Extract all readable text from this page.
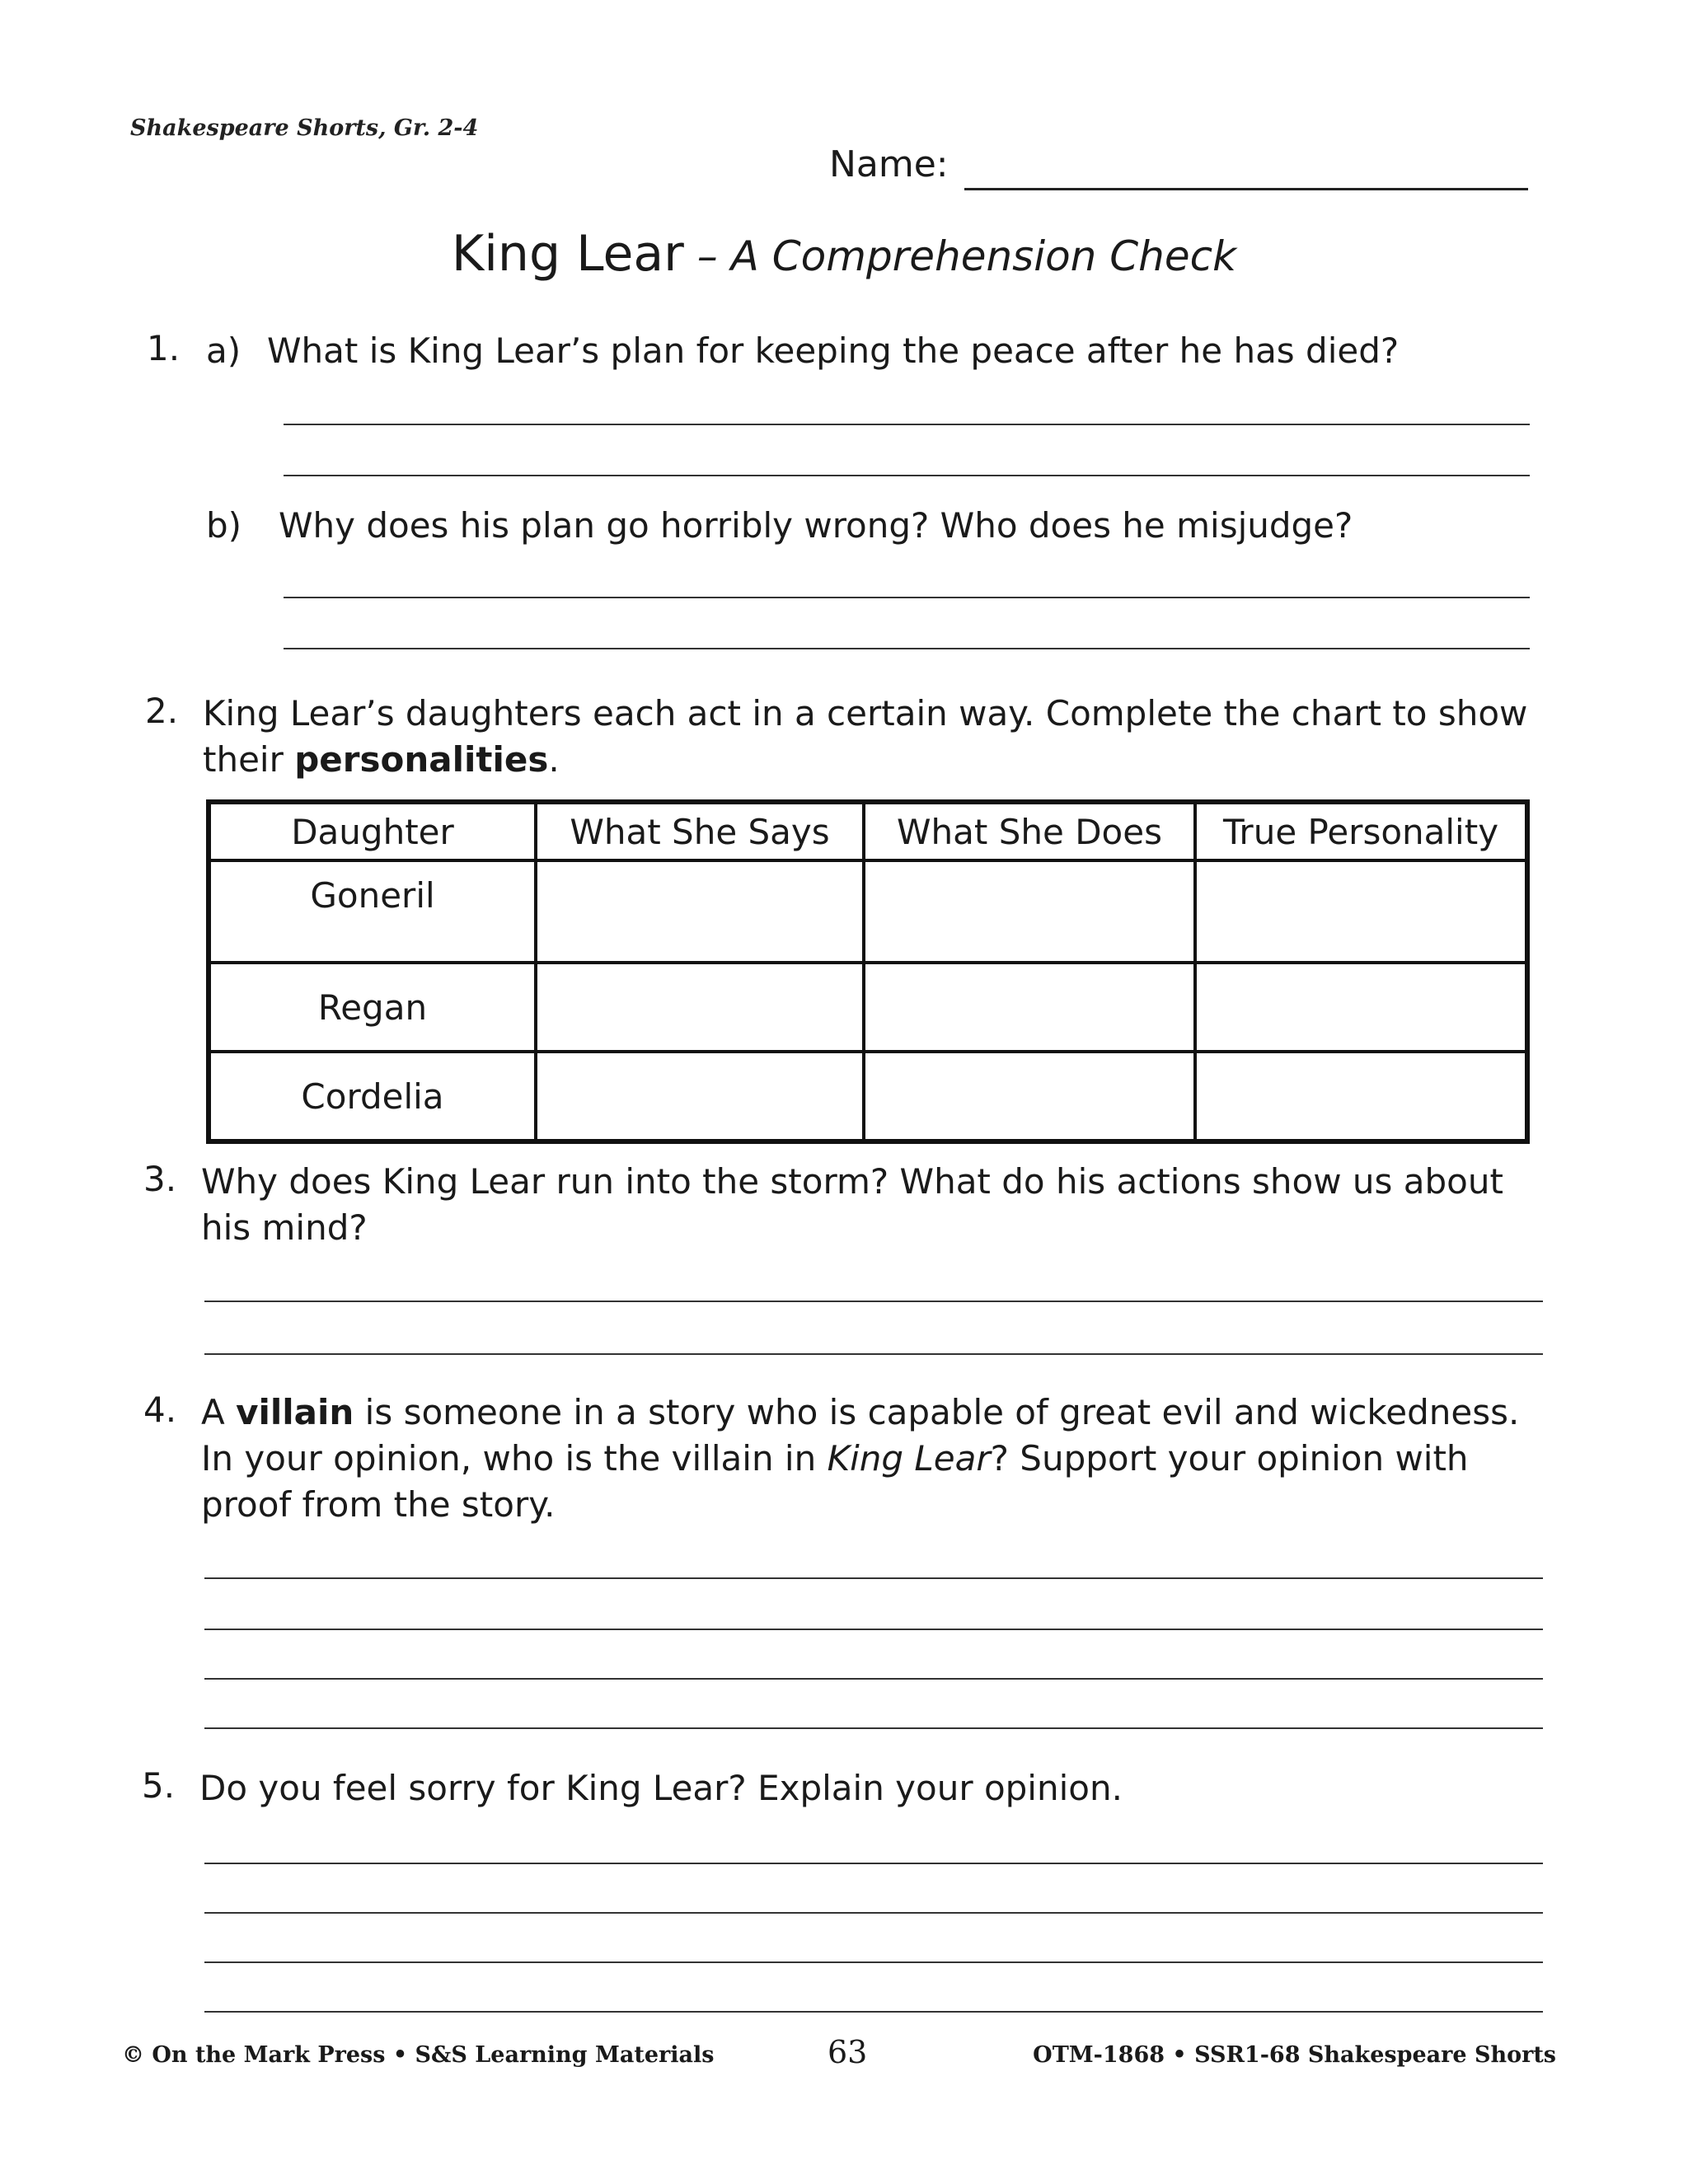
Shakespeare Shorts, Gr. 2-4
Name:
King Lear – A Comprehension Check
1. a) What is King Lear’s plan for keeping the peace after he has died?
b) Why does his plan go horribly wrong? Who does he misjudge?
2. King Lear’s daughters each act in a certain way. Complete the chart to show their personalities.
Daughter	What She Says	What She Does	True Personality
Goneril			
Regan			
Cordelia			
3. Why does King Lear run into the storm? What do his actions show us about his mind?
4. A villain is someone in a story who is capable of great evil and wickedness. In your opinion, who is the villain in King Lear? Support your opinion with proof from the story.
5. Do you feel sorry for King Lear? Explain your opinion.
© On the Mark Press • S&S Learning Materials	63	OTM-1868 • SSR1-68 Shakespeare Shorts
